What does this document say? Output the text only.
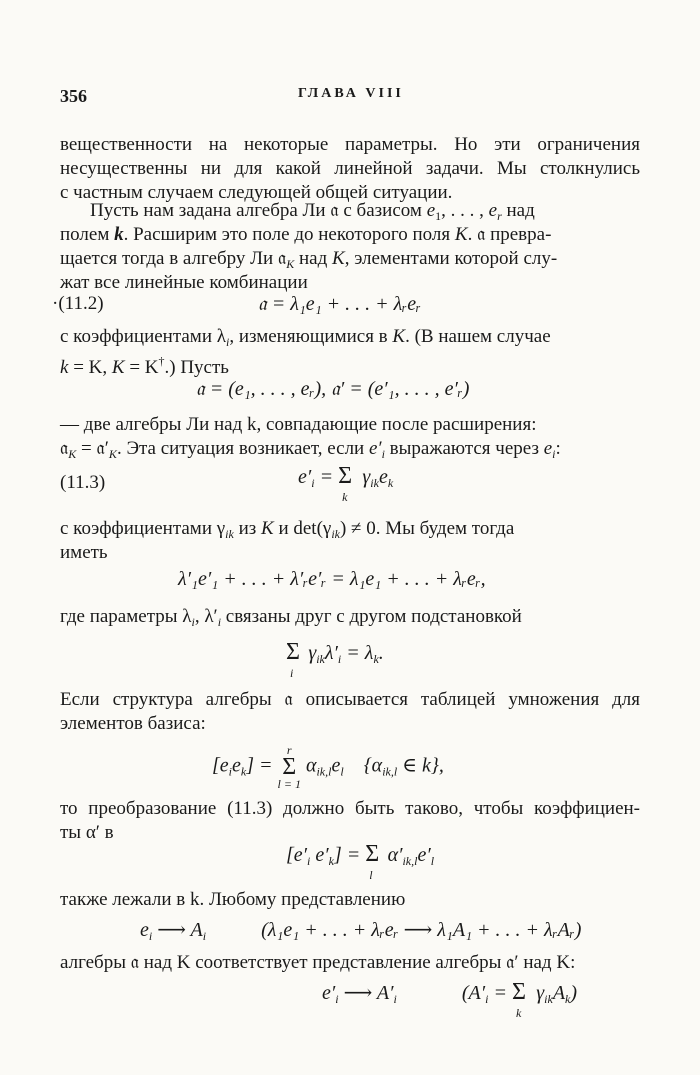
356	ГЛАВА VIII
вещественности на некоторые параметры. Но эти ограничения
несущественны ни для какой линейной задачи. Мы столкнулись
с частным случаем следующей общей ситуации.
Пусть нам задана алгебра Ли 𝔞 с базисом $e_1$, . . . , $e_r$ над
полем k. Расширим это поле до некоторого поля K. 𝔞 превра-
щается тогда в алгебру Ли 𝔞$_K$ над K, элементами которой слу-
жат все линейные комбинации
·(11.2)	𝔞 = λ₁e₁ + . . . + λᵣeᵣ
с коэффициентами $\lambda_i$, изменяющимися в K. (В нашем случае
k = K, K = K†.) Пусть
𝔞 = (e₁, . . . , eᵣ), 𝔞′ = (e′₁, . . . , e′ᵣ)
— две алгебры Ли над k, совпадающие после расширения:
𝔞$_K$ = $𝔞'_K$. Эта ситуация возникает, если $e'_i$ выражаются через $e_i$:
(11.3)	$e'_i = \Sigma_k$ $\gamma_{ik}e_k$
с коэффициентами $\gamma_{ik}$ из K и $\det(\gamma_{ik}) \ne 0$. Мы будем тогда
иметь
λ′₁e′₁ + . . . + λ′ᵣe′ᵣ = λ₁e₁ + . . . + λᵣeᵣ,
где параметры $\lambda_i$, $\lambda'_i$ связаны друг с другом подстановкой
$\Sigma_i$ $\gamma_{ik}\lambda'_i = \lambda_k$.
Если структура алгебры 𝔞 описывается таблицей умножения для
элементов базиса:
$[e_ie_k]$ =
r
Σ
l = 1
$\alpha_{ik,l}e_l$    {$\alpha_{ik,l}$ ∈ k},
то преобразование (11.3) должно быть таково, чтобы коэффициен-
ты α′ в
[$e'_i$ $e'_k] = \Sigma_l$ $\alpha'_{ik,l}e'_l$
также лежали в k. Любому представлению
$e_i$ ⟶ $A_i$           (λ₁e₁ + . . . + λᵣeᵣ ⟶ λ₁A₁ + . . . + λᵣAᵣ)
алгебры 𝔞 над K соответствует представление алгебры 𝔞′ над K:
$e'_i$ ⟶ $A'_i$             ($A'_i = \Sigma_k$ $\gamma_{ik}A_k$)
